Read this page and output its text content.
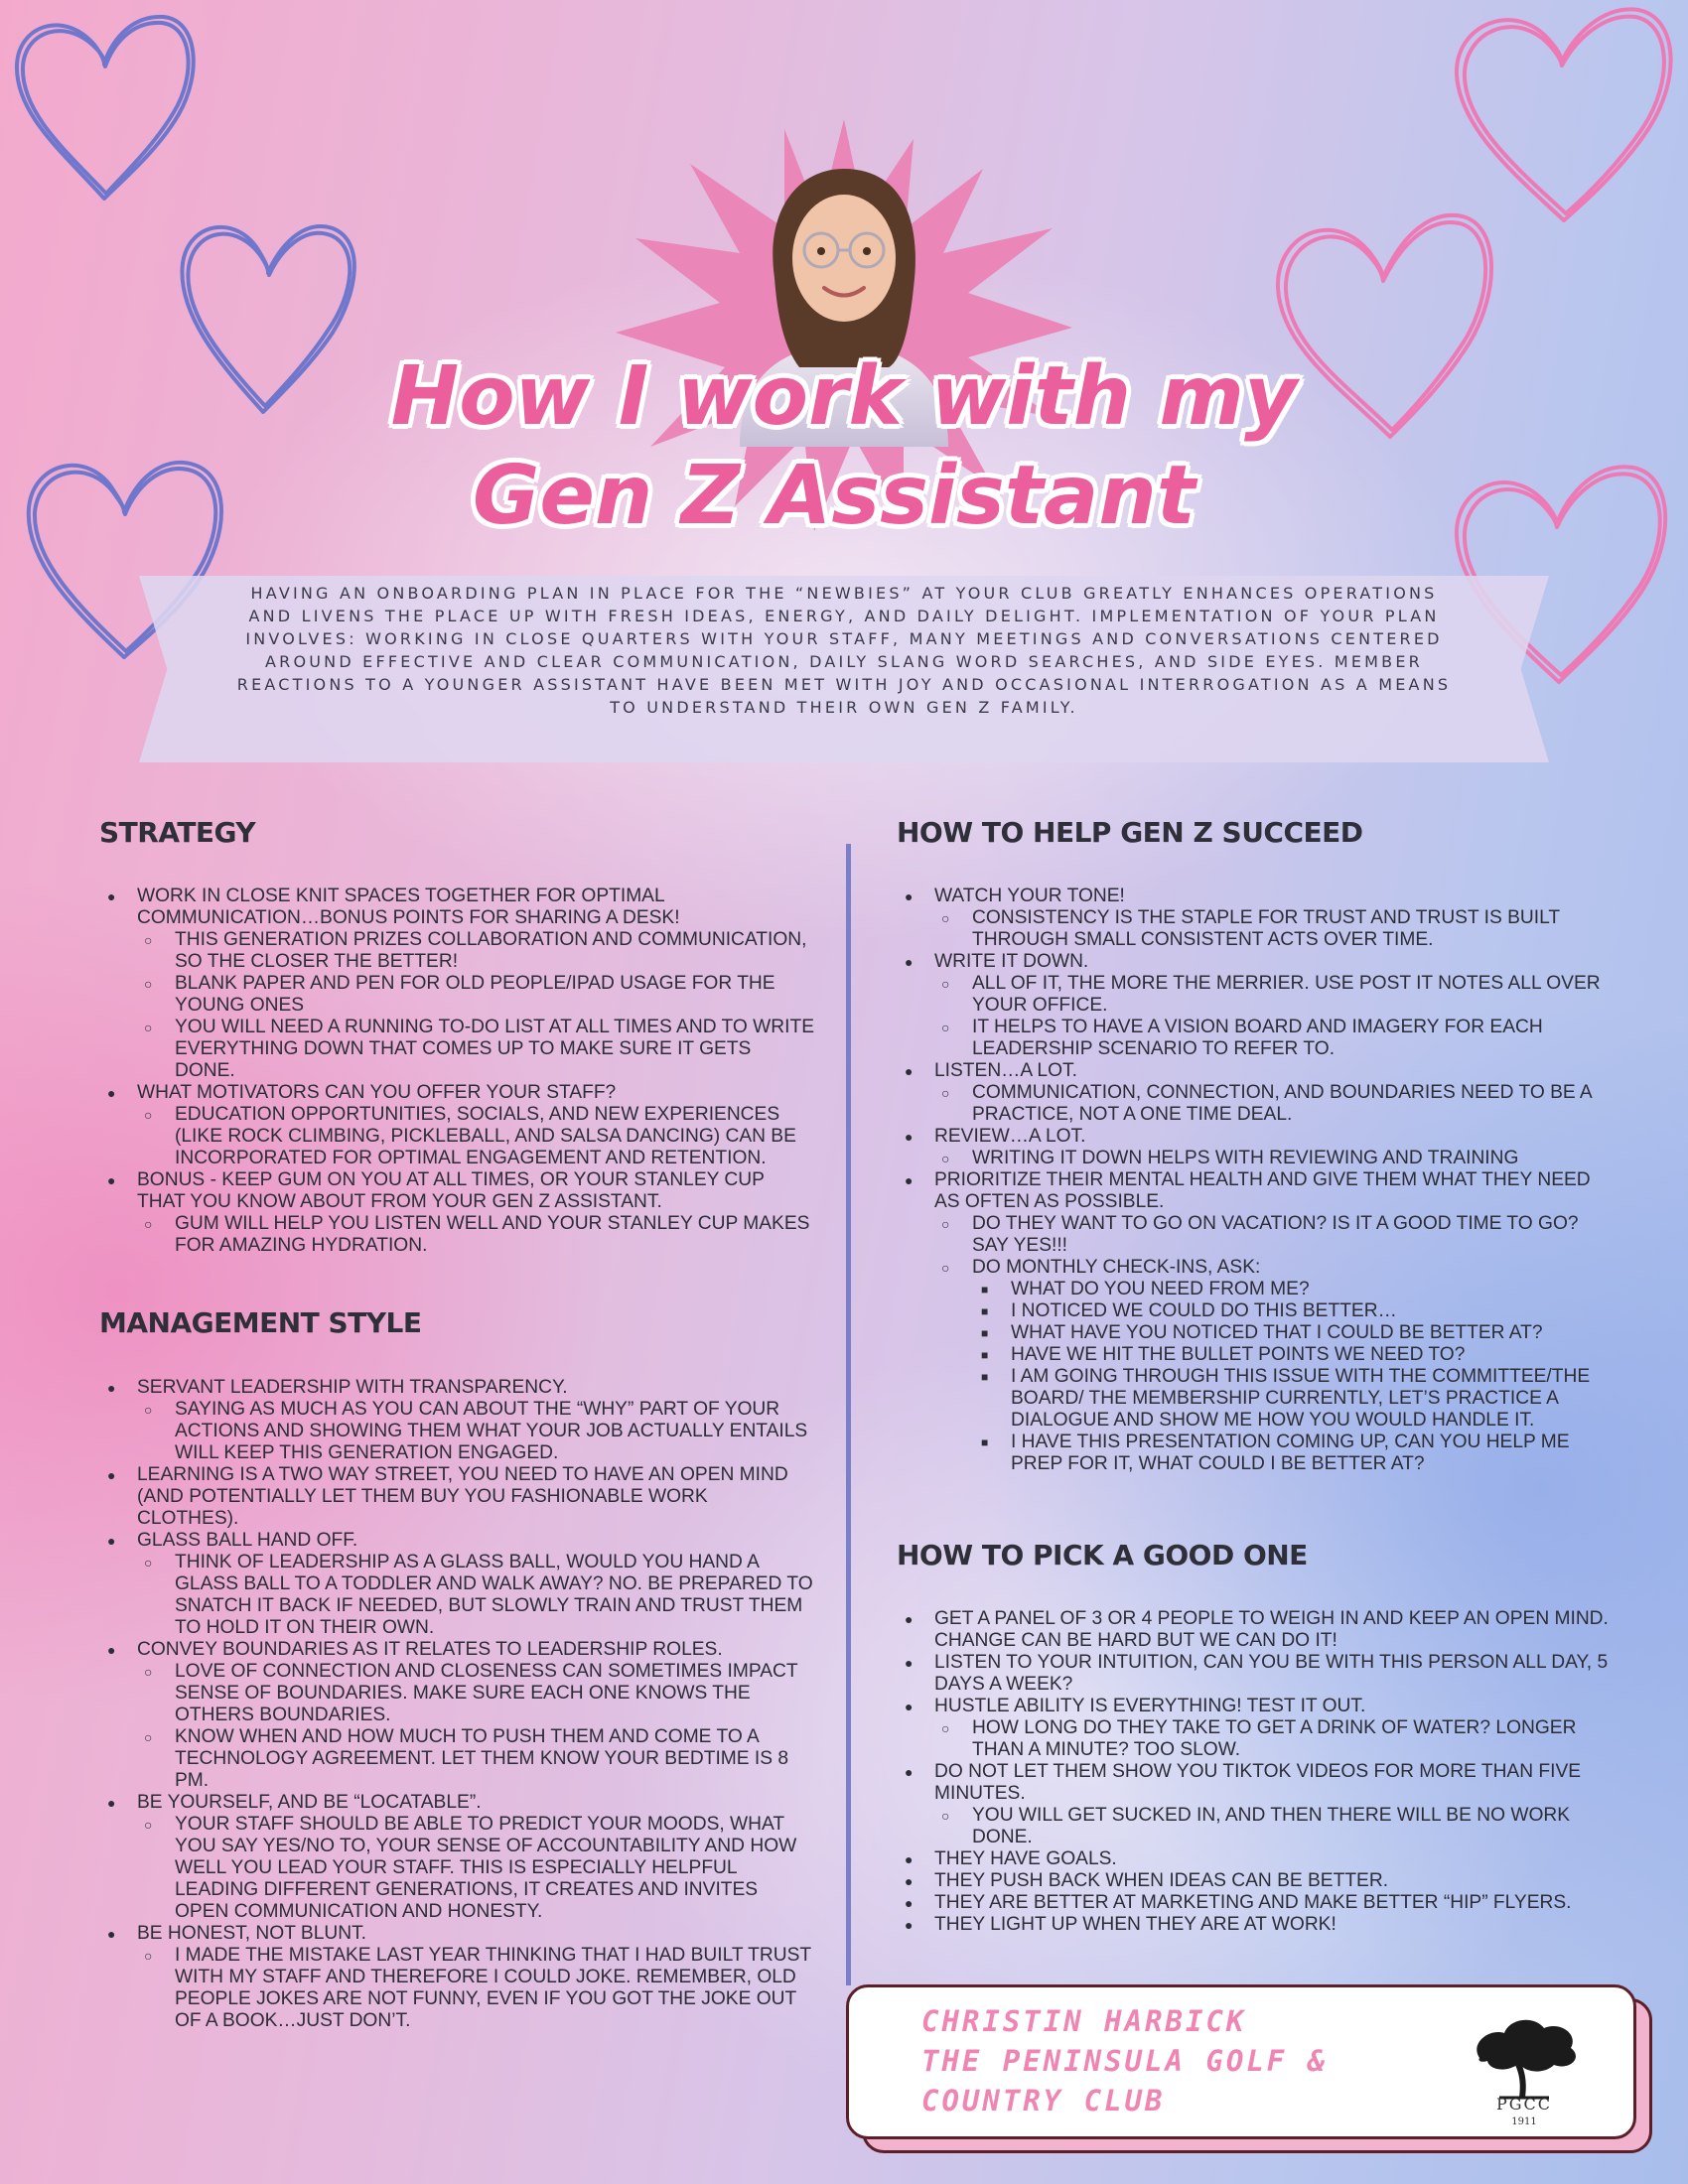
How I work with my
Gen Z Assistant
HAVING AN ONBOARDING PLAN IN PLACE FOR THE “NEWBIES” AT YOUR CLUB GREATLY ENHANCES OPERATIONS AND LIVENS THE PLACE UP WITH FRESH IDEAS, ENERGY, AND DAILY DELIGHT. IMPLEMENTATION OF YOUR PLAN INVOLVES: WORKING IN CLOSE QUARTERS WITH YOUR STAFF, MANY MEETINGS AND CONVERSATIONS CENTERED AROUND EFFECTIVE AND CLEAR COMMUNICATION, DAILY SLANG WORD SEARCHES, AND SIDE EYES. MEMBER REACTIONS TO A YOUNGER ASSISTANT HAVE BEEN MET WITH JOY AND OCCASIONAL INTERROGATION AS A MEANS TO UNDERSTAND THEIR OWN GEN Z FAMILY.
STRATEGY
● WORK IN CLOSE KNIT SPACES TOGETHER FOR OPTIMAL COMMUNICATION…BONUS POINTS FOR SHARING A DESK!
○ THIS GENERATION PRIZES COLLABORATION AND COMMUNICATION, SO THE CLOSER THE BETTER!
○ BLANK PAPER AND PEN FOR OLD PEOPLE/IPAD USAGE FOR THE YOUNG ONES
○ YOU WILL NEED A RUNNING TO-DO LIST AT ALL TIMES AND TO WRITE EVERYTHING DOWN THAT COMES UP TO MAKE SURE IT GETS DONE.
● WHAT MOTIVATORS CAN YOU OFFER YOUR STAFF?
○ EDUCATION OPPORTUNITIES, SOCIALS, AND NEW EXPERIENCES (LIKE ROCK CLIMBING, PICKLEBALL, AND SALSA DANCING) CAN BE INCORPORATED FOR OPTIMAL ENGAGEMENT AND RETENTION.
● BONUS - KEEP GUM ON YOU AT ALL TIMES, OR YOUR STANLEY CUP THAT YOU KNOW ABOUT FROM YOUR GEN Z ASSISTANT.
○ GUM WILL HELP YOU LISTEN WELL AND YOUR STANLEY CUP MAKES FOR AMAZING HYDRATION.
MANAGEMENT STYLE
● SERVANT LEADERSHIP WITH TRANSPARENCY.
○ SAYING AS MUCH AS YOU CAN ABOUT THE “WHY” PART OF YOUR ACTIONS AND SHOWING THEM WHAT YOUR JOB ACTUALLY ENTAILS WILL KEEP THIS GENERATION ENGAGED.
● LEARNING IS A TWO WAY STREET, YOU NEED TO HAVE AN OPEN MIND (AND POTENTIALLY LET THEM BUY YOU FASHIONABLE WORK CLOTHES).
● GLASS BALL HAND OFF.
○ THINK OF LEADERSHIP AS A GLASS BALL, WOULD YOU HAND A GLASS BALL TO A TODDLER AND WALK AWAY? NO. BE PREPARED TO SNATCH IT BACK IF NEEDED, BUT SLOWLY TRAIN AND TRUST THEM TO HOLD IT ON THEIR OWN.
● CONVEY BOUNDARIES AS IT RELATES TO LEADERSHIP ROLES.
○ LOVE OF CONNECTION AND CLOSENESS CAN SOMETIMES IMPACT SENSE OF BOUNDARIES. MAKE SURE EACH ONE KNOWS THE OTHERS BOUNDARIES.
○ KNOW WHEN AND HOW MUCH TO PUSH THEM AND COME TO A TECHNOLOGY AGREEMENT. LET THEM KNOW YOUR BEDTIME IS 8 PM.
● BE YOURSELF, AND BE “LOCATABLE”.
○ YOUR STAFF SHOULD BE ABLE TO PREDICT YOUR MOODS, WHAT YOU SAY YES/NO TO, YOUR SENSE OF ACCOUNTABILITY AND HOW WELL YOU LEAD YOUR STAFF. THIS IS ESPECIALLY HELPFUL LEADING DIFFERENT GENERATIONS, IT CREATES AND INVITES OPEN COMMUNICATION AND HONESTY.
● BE HONEST, NOT BLUNT.
○ I MADE THE MISTAKE LAST YEAR THINKING THAT I HAD BUILT TRUST WITH MY STAFF AND THEREFORE I COULD JOKE. REMEMBER, OLD PEOPLE JOKES ARE NOT FUNNY, EVEN IF YOU GOT THE JOKE OUT OF A BOOK…JUST DON’T.
HOW TO HELP GEN Z SUCCEED
● WATCH YOUR TONE!
○ CONSISTENCY IS THE STAPLE FOR TRUST AND TRUST IS BUILT THROUGH SMALL CONSISTENT ACTS OVER TIME.
● WRITE IT DOWN.
○ ALL OF IT, THE MORE THE MERRIER. USE POST IT NOTES ALL OVER YOUR OFFICE.
○ IT HELPS TO HAVE A VISION BOARD AND IMAGERY FOR EACH LEADERSHIP SCENARIO TO REFER TO.
● LISTEN…A LOT.
○ COMMUNICATION, CONNECTION, AND BOUNDARIES NEED TO BE A PRACTICE, NOT A ONE TIME DEAL.
● REVIEW…A LOT.
○ WRITING IT DOWN HELPS WITH REVIEWING AND TRAINING
● PRIORITIZE THEIR MENTAL HEALTH AND GIVE THEM WHAT THEY NEED AS OFTEN AS POSSIBLE.
○ DO THEY WANT TO GO ON VACATION? IS IT A GOOD TIME TO GO? SAY YES!!!
○ DO MONTHLY CHECK-INS, ASK:
■ WHAT DO YOU NEED FROM ME?
■ I NOTICED WE COULD DO THIS BETTER…
■ WHAT HAVE YOU NOTICED THAT I COULD BE BETTER AT?
■ HAVE WE HIT THE BULLET POINTS WE NEED TO?
■ I AM GOING THROUGH THIS ISSUE WITH THE COMMITTEE/THE BOARD/ THE MEMBERSHIP CURRENTLY, LET’S PRACTICE A DIALOGUE AND SHOW ME HOW YOU WOULD HANDLE IT.
■ I HAVE THIS PRESENTATION COMING UP, CAN YOU HELP ME PREP FOR IT, WHAT COULD I BE BETTER AT?
HOW TO PICK A GOOD ONE
● GET A PANEL OF 3 OR 4 PEOPLE TO WEIGH IN AND KEEP AN OPEN MIND. CHANGE CAN BE HARD BUT WE CAN DO IT!
● LISTEN TO YOUR INTUITION, CAN YOU BE WITH THIS PERSON ALL DAY, 5 DAYS A WEEK?
● HUSTLE ABILITY IS EVERYTHING! TEST IT OUT.
○ HOW LONG DO THEY TAKE TO GET A DRINK OF WATER? LONGER THAN A MINUTE? TOO SLOW.
● DO NOT LET THEM SHOW YOU TIKTOK VIDEOS FOR MORE THAN FIVE MINUTES.
○ YOU WILL GET SUCKED IN, AND THEN THERE WILL BE NO WORK DONE.
● THEY HAVE GOALS.
● THEY PUSH BACK WHEN IDEAS CAN BE BETTER.
● THEY ARE BETTER AT MARKETING AND MAKE BETTER “HIP” FLYERS.
● THEY LIGHT UP WHEN THEY ARE AT WORK!
CHRISTIN HARBICK
THE PENINSULA GOLF &
COUNTRY CLUB	PGCC
1911
